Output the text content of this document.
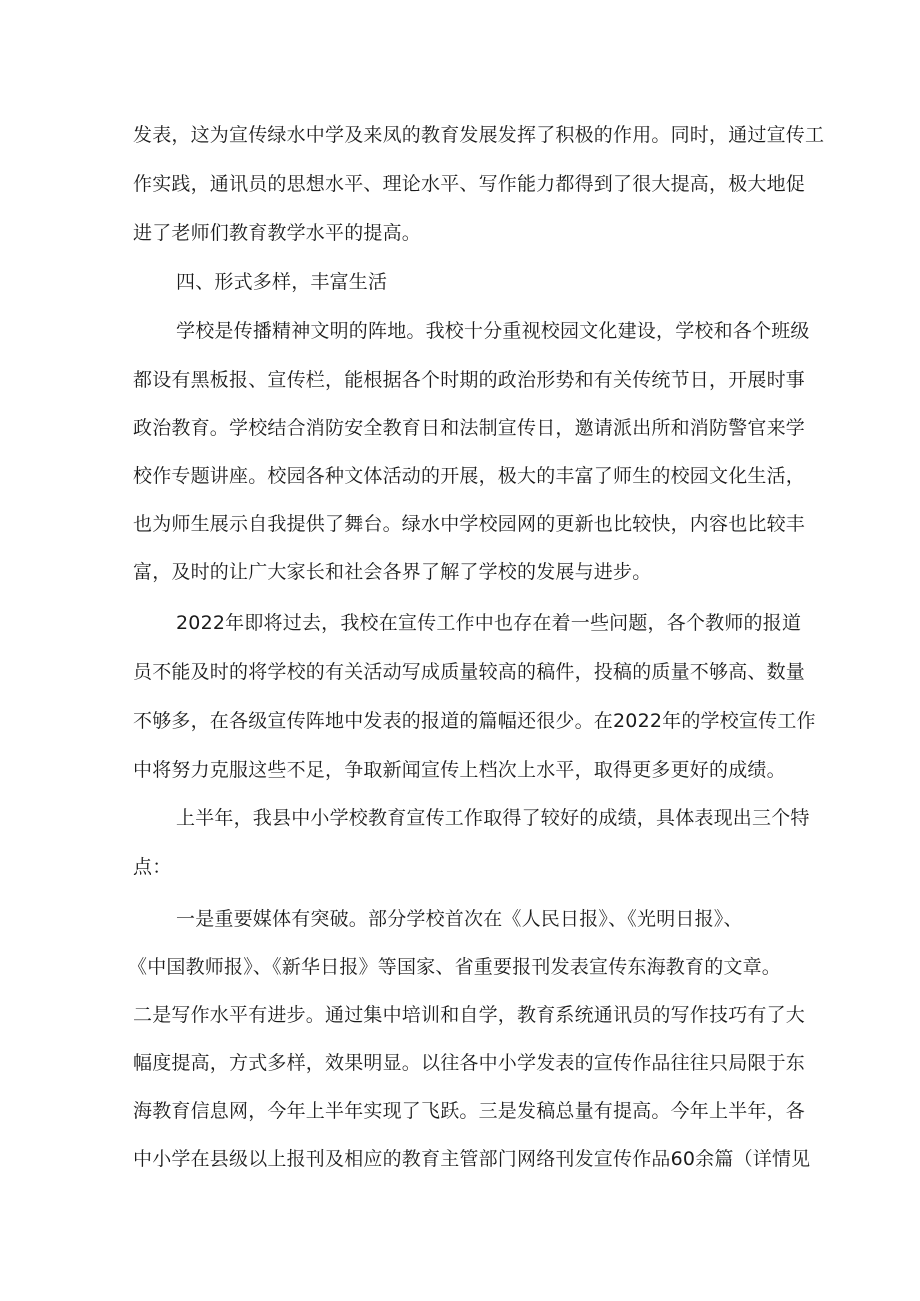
发表，这为宣传绿水中学及来凤的教育发展发挥了积极的作用。同时，通过宣传工
作实践，通讯员的思想水平、理论水平、写作能力都得到了很大提高，极大地促
进了老师们教育教学水平的提高。
四、形式多样，丰富生活
学校是传播精神文明的阵地。我校十分重视校园文化建设，学校和各个班级
都设有黑板报、宣传栏，能根据各个时期的政治形势和有关传统节日，开展时事
政治教育。学校结合消防安全教育日和法制宣传日，邀请派出所和消防警官来学
校作专题讲座。校园各种文体活动的开展，极大的丰富了师生的校园文化生活，
也为师生展示自我提供了舞台。绿水中学校园网的更新也比较快，内容也比较丰
富，及时的让广大家长和社会各界了解了学校的发展与进步。
2022年即将过去，我校在宣传工作中也存在着一些问题，各个教师的报道
员不能及时的将学校的有关活动写成质量较高的稿件，投稿的质量不够高、数量
不够多，在各级宣传阵地中发表的报道的篇幅还很少。在2022年的学校宣传工作
中将努力克服这些不足，争取新闻宣传上档次上水平，取得更多更好的成绩。
上半年，我县中小学校教育宣传工作取得了较好的成绩，具体表现出三个特
点：
一是重要媒体有突破。部分学校首次在《人民日报》、《光明日报》、
《中国教师报》、《新华日报》等国家、省重要报刊发表宣传东海教育的文章。
二是写作水平有进步。通过集中培训和自学，教育系统通讯员的写作技巧有了大
幅度提高，方式多样，效果明显。以往各中小学发表的宣传作品往往只局限于东
海教育信息网，今年上半年实现了飞跃。三是发稿总量有提高。今年上半年，各
中小学在县级以上报刊及相应的教育主管部门网络刊发宣传作品60余篇（详情见
